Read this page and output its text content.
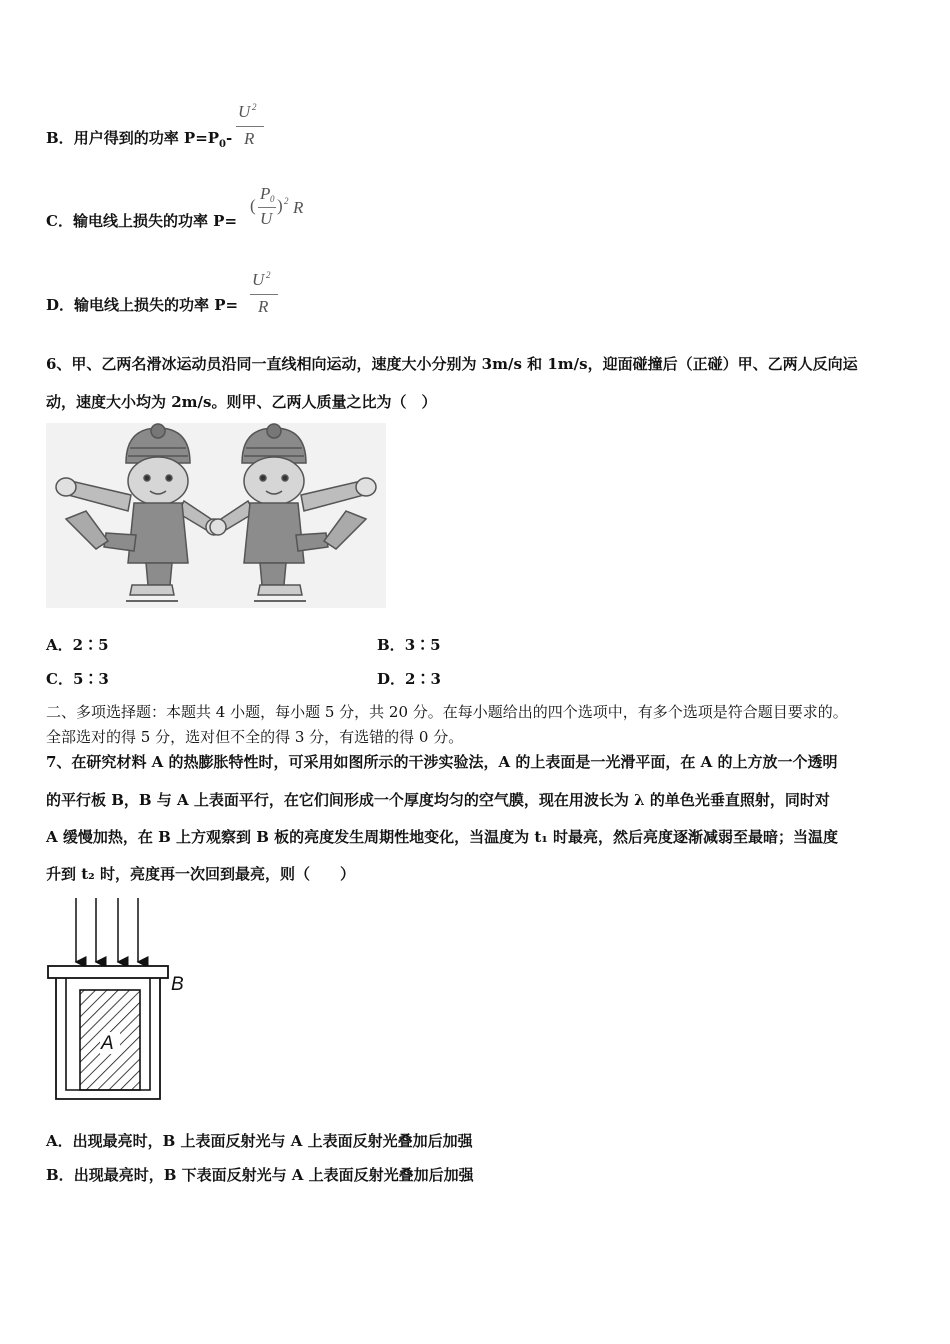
B．用户得到的功率 $P=P_0-$
U 2
R
C．输电线上损失的功率 P=
(
P 0
U
) 2 R
D．输电线上损失的功率 P=
U 2
R
6、甲、乙两名滑冰运动员沿同一直线相向运动，速度大小分别为 3m/s 和 1m/s，迎面碰撞后（正碰）甲、乙两人反向运
动，速度大小均为 2m/s。则甲、乙两人质量之比为（　）
A．2∶5	B．3∶5
C．5∶3	D．2∶3
二、多项选择题：本题共 4 小题，每小题 5 分，共 20 分。在每小题给出的四个选项中，有多个选项是符合题目要求的。
全部选对的得 5 分，选对但不全的得 3 分，有选错的得 0 分。
7、在研究材料 A 的热膨胀特性时，可采用如图所示的干涉实验法，A 的上表面是一光滑平面，在 A 的上方放一个透明
的平行板 B，B 与 A 上表面平行，在它们间形成一个厚度均匀的空气膜，现在用波长为 λ 的单色光垂直照射，同时对
A 缓慢加热，在 B 上方观察到 B 板的亮度发生周期性地变化，当温度为 t₁ 时最亮，然后亮度逐渐减弱至最暗；当温度
升到 t₂ 时，亮度再一次回到最亮，则（　　）
B
A
A．出现最亮时，B 上表面反射光与 A 上表面反射光叠加后加强
B．出现最亮时，B 下表面反射光与 A 上表面反射光叠加后加强
